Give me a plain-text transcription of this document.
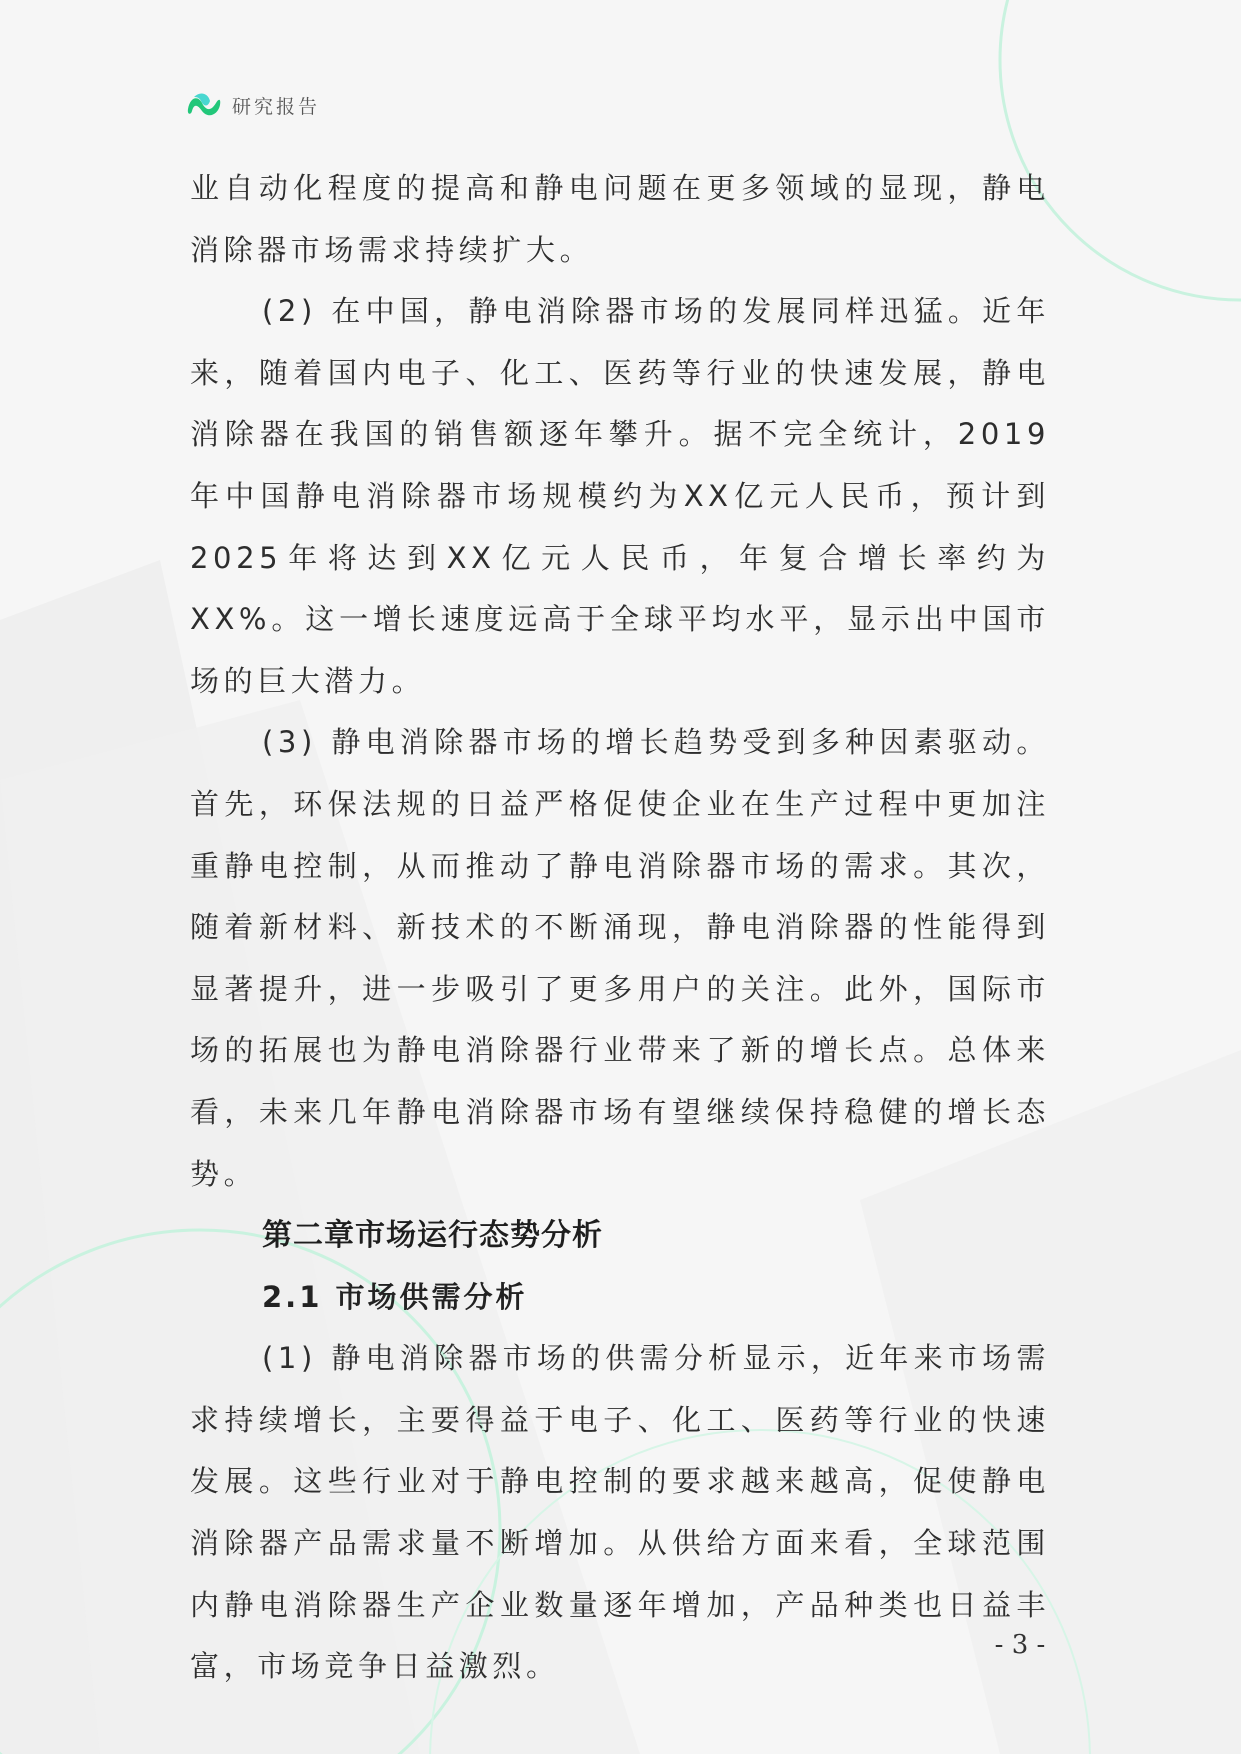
研究报告

业自动化程度的提高和静电问题在更多领域的显现，静电消除器市场需求持续扩大。

(2) 在中国，静电消除器市场的发展同样迅猛。近年来，随着国内电子、化工、医药等行业的快速发展，静电消除器在我国的销售额逐年攀升。据不完全统计，2019年中国静电消除器市场规模约为XX亿元人民币，预计到2025年将达到XX亿元人民币，年复合增长率约为XX%。这一增长速度远高于全球平均水平，显示出中国市场的巨大潜力。

(3) 静电消除器市场的增长趋势受到多种因素驱动。首先，环保法规的日益严格促使企业在生产过程中更加注重静电控制，从而推动了静电消除器市场的需求。其次，随着新材料、新技术的不断涌现，静电消除器的性能得到显著提升，进一步吸引了更多用户的关注。此外，国际市场的拓展也为静电消除器行业带来了新的增长点。总体来看，未来几年静电消除器市场有望继续保持稳健的增长态势。

第二章市场运行态势分析
2.1 市场供需分析

(1) 静电消除器市场的供需分析显示，近年来市场需求持续增长，主要得益于电子、化工、医药等行业的快速发展。这些行业对于静电控制的要求越来越高，促使静电消除器产品需求量不断增加。从供给方面来看，全球范围内静电消除器生产企业数量逐年增加，产品种类也日益丰富，市场竞争日益激烈。

- 3 -
